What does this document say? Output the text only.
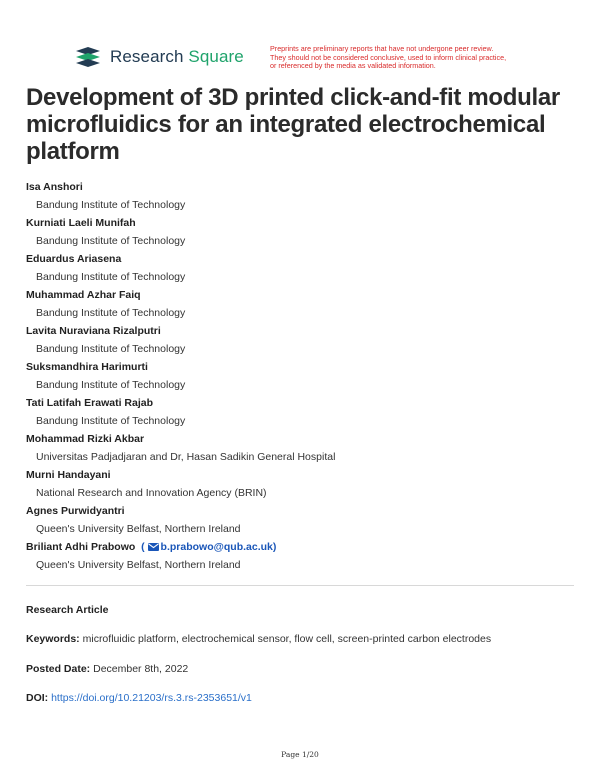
Research Square	Preprints are preliminary reports that have not undergone peer review.
They should not be considered conclusive, used to inform clinical practice,
or referenced by the media as validated information.
Development of 3D printed click-and-fit modular microfluidics for an integrated electrochemical platform
Isa Anshori
Bandung Institute of Technology
Kurniati Laeli Munifah
Bandung Institute of Technology
Eduardus Ariasena
Bandung Institute of Technology
Muhammad Azhar Faiq
Bandung Institute of Technology
Lavita Nuraviana Rizalputri
Bandung Institute of Technology
Suksmandhira Harimurti
Bandung Institute of Technology
Tati Latifah Erawati Rajab
Bandung Institute of Technology
Mohammad Rizki Akbar
Universitas Padjadjaran and Dr, Hasan Sadikin General Hospital
Murni Handayani
National Research and Innovation Agency (BRIN)
Agnes Purwidyantri
Queen's University Belfast, Northern Ireland
Briliant Adhi Prabowo  ( b.prabowo@qub.ac.uk)
Queen's University Belfast, Northern Ireland
Research Article
Keywords: microfluidic platform, electrochemical sensor, flow cell, screen-printed carbon electrodes
Posted Date: December 8th, 2022
DOI: https://doi.org/10.21203/rs.3.rs-2353651/v1
Page 1/20
